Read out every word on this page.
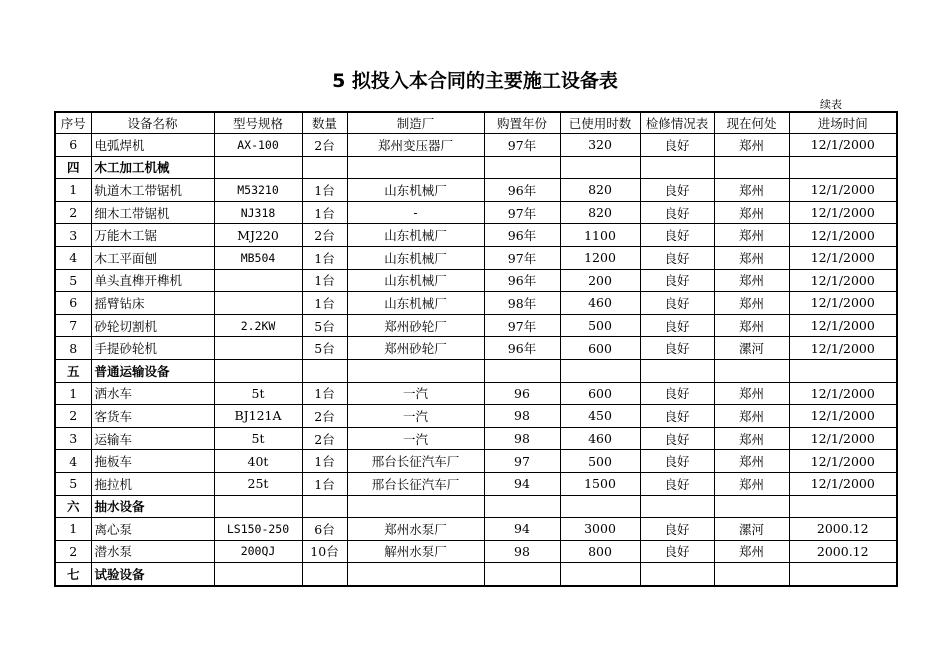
5 拟投入本合同的主要施工设备表
续表
序号	设备名称	型号规格	数量	制造厂	购置年份	已使用时数	检修情况表	现在何处	进场时间
6	电弧焊机	AX-100	2台	郑州变压器厂	97年	320	良好	郑州	12/1/2000
四	木工加工机械								
1	轨道木工带锯机	M53210	1台	山东机械厂	96年	820	良好	郑州	12/1/2000
2	细木工带锯机	NJ318	1台	-	97年	820	良好	郑州	12/1/2000
3	万能木工锯	MJ220	2台	山东机械厂	96年	1100	良好	郑州	12/1/2000
4	木工平面刨	MB504	1台	山东机械厂	97年	1200	良好	郑州	12/1/2000
5	单头直榫开榫机		1台	山东机械厂	96年	200	良好	郑州	12/1/2000
6	摇臂钻床		1台	山东机械厂	98年	460	良好	郑州	12/1/2000
7	砂轮切割机	2.2KW	5台	郑州砂轮厂	97年	500	良好	郑州	12/1/2000
8	手提砂轮机		5台	郑州砂轮厂	96年	600	良好	漯河	12/1/2000
五	普通运输设备								
1	洒水车	5t	1台	一汽	96	600	良好	郑州	12/1/2000
2	客货车	BJ121A	2台	一汽	98	450	良好	郑州	12/1/2000
3	运输车	5t	2台	一汽	98	460	良好	郑州	12/1/2000
4	拖板车	40t	1台	邢台长征汽车厂	97	500	良好	郑州	12/1/2000
5	拖拉机	25t	1台	邢台长征汽车厂	94	1500	良好	郑州	12/1/2000
六	抽水设备								
1	离心泵	LS150-250	6台	郑州水泵厂	94	3000	良好	漯河	2000.12
2	潜水泵	200QJ	10台	解州水泵厂	98	800	良好	郑州	2000.12
七	试验设备								
